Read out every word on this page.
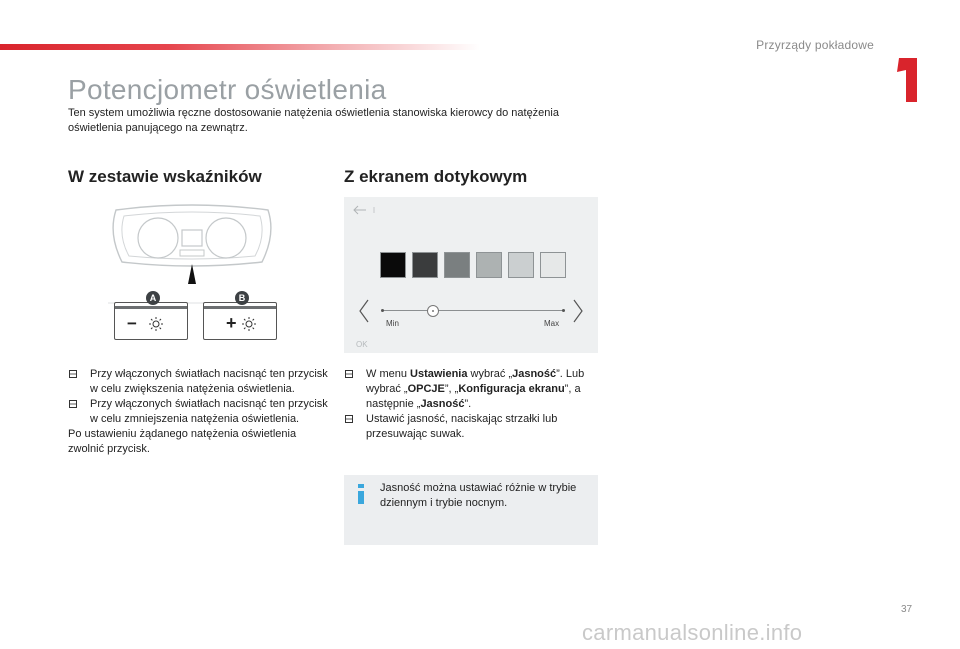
Przyrządy pokładowe
Potencjometr oświetlenia

Ten system umożliwia ręczne dostosowanie natężenia oświetlenia stanowiska kierowcy do natężenia oświetlenia panującego na zewnątrz.

W zestawie wskaźników	Z ekranem dotykowym
−
A
+
B
Min	Max
OK
Przy włączonych światłach nacisnąć ten przycisk w celu zwiększenia natężenia oświetlenia.
Przy włączonych światłach nacisnąć ten przycisk w celu zmniejszenia natężenia oświetlenia.
Po ustawieniu żądanego natężenia oświetlenia zwolnić przycisk.
W menu Ustawienia wybrać „Jasność”. Lub wybrać „OPCJE”, „Konfiguracja ekranu”, a następnie „Jasność”.
Ustawić jasność, naciskając strzałki lub przesuwając suwak.
Jasność można ustawiać różnie w trybie dziennym i trybie nocnym.
37
carmanualsonline.info
